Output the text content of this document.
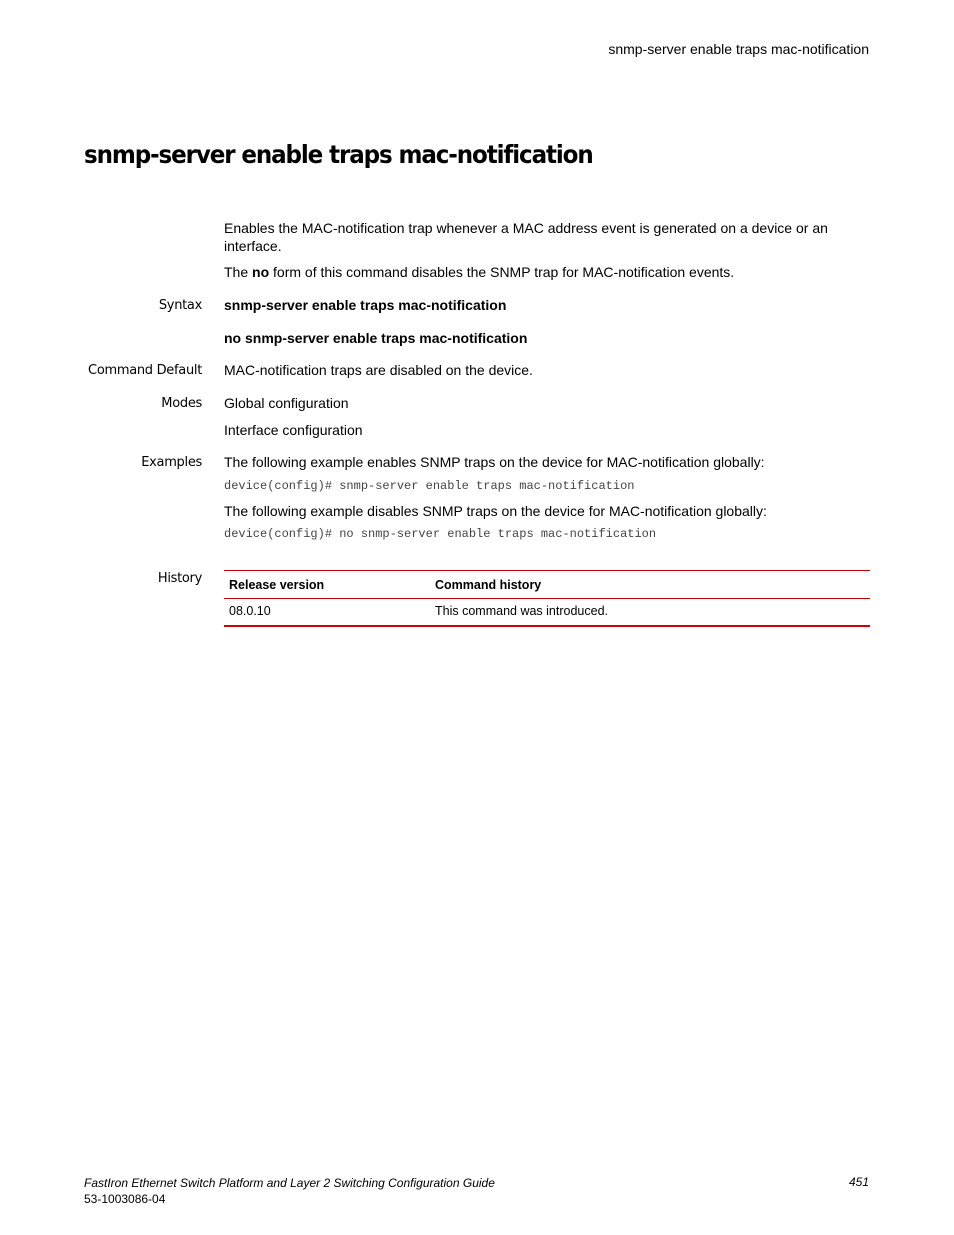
snmp-server enable traps mac-notification
snmp-server enable traps mac-notification
Enables the MAC-notification trap whenever a MAC address event is generated on a device or an interface.
The no form of this command disables the SNMP trap for MAC-notification events.
Syntax snmp-server enable traps mac-notification
no snmp-server enable traps mac-notification
Command Default MAC-notification traps are disabled on the device.
Modes Global configuration
Interface configuration
Examples The following example enables SNMP traps on the device for MAC-notification globally:
device(config)# snmp-server enable traps mac-notification
The following example disables SNMP traps on the device for MAC-notification globally:
device(config)# no snmp-server enable traps mac-notification
History Release version	Command history
08.0.10	This command was introduced.
FastIron Ethernet Switch Platform and Layer 2 Switching Configuration Guide
53-1003086-04
451
